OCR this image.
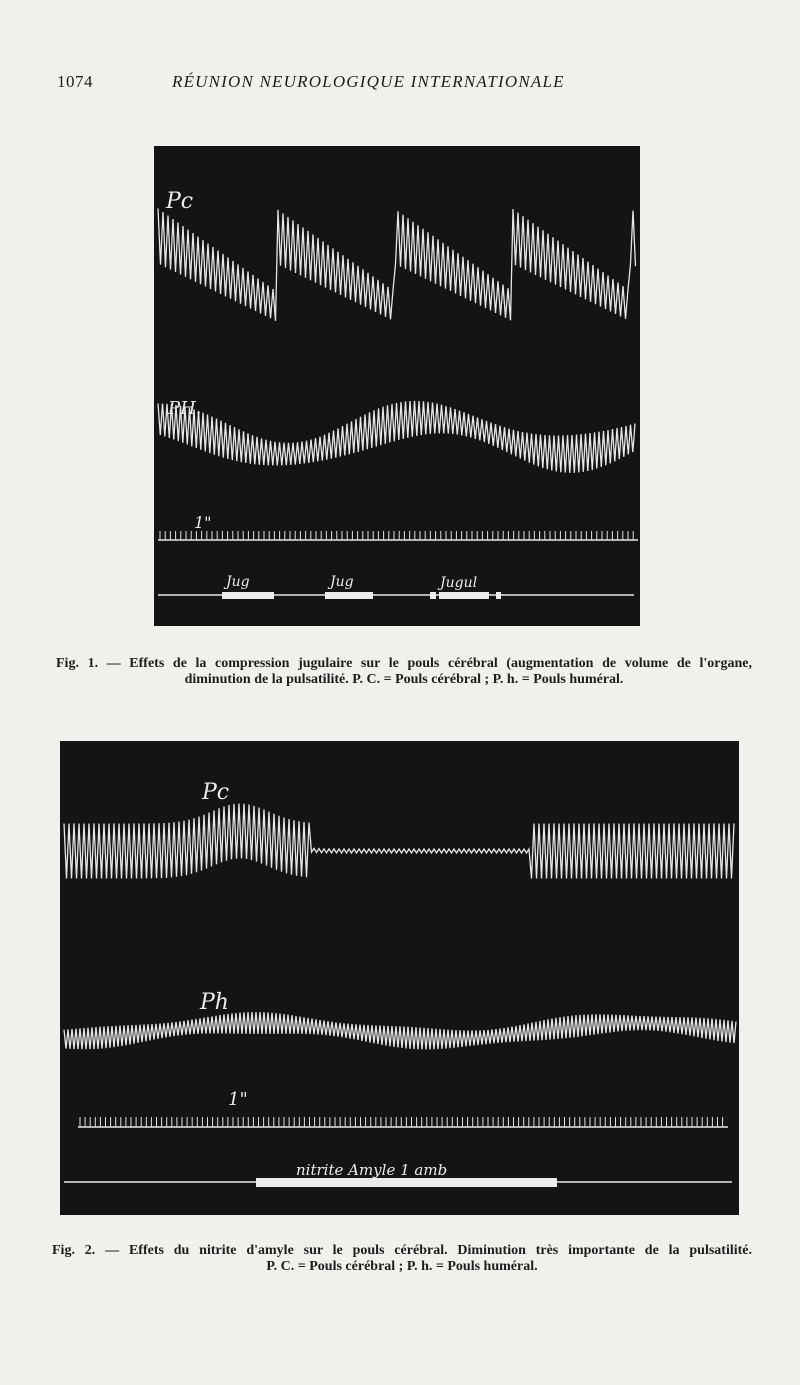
1074	RÉUNION NEUROLOGIQUE INTERNATIONALE
Pc
PH.
1"
Jug	Jug	Jugul
Fig. 1. — Effets de la compression jugulaire sur le pouls cérébral (augmentation de volume de l'organe,
diminution de la pulsatilité. P. C. = Pouls cérébral ; P. h. = Pouls huméral.
Pc
Ph
1"
nitrite Amyle 1 amb
Fig. 2. — Effets du nitrite d'amyle sur le pouls cérébral. Diminution très importante de la pulsatilité.
P. C. = Pouls cérébral ; P. h. = Pouls huméral.
